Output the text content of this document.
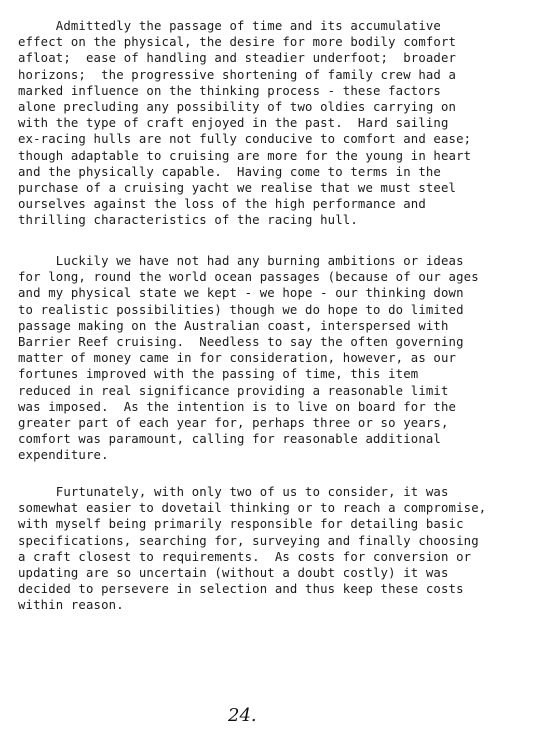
Admittedly the passage of time and its accumulative
effect on the physical, the desire for more bodily comfort
afloat;  ease of handling and steadier underfoot;  broader
horizons;  the progressive shortening of family crew had a
marked influence on the thinking process - these factors
alone precluding any possibility of two oldies carrying on
with the type of craft enjoyed in the past.  Hard sailing
ex-racing hulls are not fully conducive to comfort and ease;
though adaptable to cruising are more for the young in heart
and the physically capable.  Having come to terms in the
purchase of a cruising yacht we realise that we must steel
ourselves against the loss of the high performance and
thrilling characteristics of the racing hull.
Luckily we have not had any burning ambitions or ideas
for long, round the world ocean passages (because of our ages
and my physical state we kept - we hope - our thinking down
to realistic possibilities) though we do hope to do limited
passage making on the Australian coast, interspersed with
Barrier Reef cruising.  Needless to say the often governing
matter of money came in for consideration, however, as our
fortunes improved with the passing of time, this item
reduced in real significance providing a reasonable limit
was imposed.  As the intention is to live on board for the
greater part of each year for, perhaps three or so years,
comfort was paramount, calling for reasonable additional
expenditure.
Furtunately, with only two of us to consider, it was
somewhat easier to dovetail thinking or to reach a compromise,
with myself being primarily responsible for detailing basic
specifications, searching for, surveying and finally choosing
a craft closest to requirements.  As costs for conversion or
updating are so uncertain (without a doubt costly) it was
decided to persevere in selection and thus keep these costs
within reason.
24.
